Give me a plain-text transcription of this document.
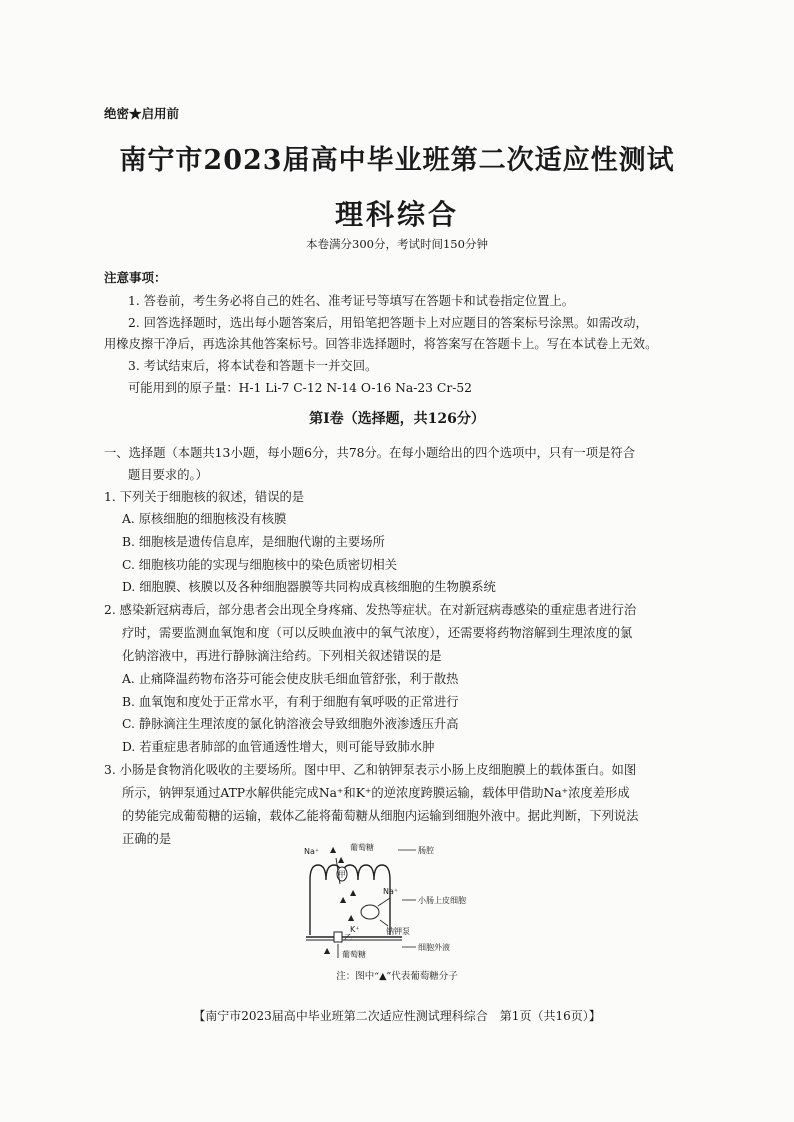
绝密★启用前
南宁市2023届高中毕业班第二次适应性测试
理科综合
本卷满分300分，考试时间150分钟
注意事项：
1. 答卷前，考生务必将自己的姓名、准考证号等填写在答题卡和试卷指定位置上。
2. 回答选择题时，选出每小题答案后，用铅笔把答题卡上对应题目的答案标号涂黑。如需改动，
用橡皮擦干净后，再选涂其他答案标号。回答非选择题时，将答案写在答题卡上。写在本试卷上无效。
3. 考试结束后，将本试卷和答题卡一并交回。
可能用到的原子量：H-1 Li-7 C-12 N-14 O-16 Na-23 Cr-52
第Ⅰ卷（选择题，共126分）
一、选择题（本题共13小题，每小题6分，共78分。在每小题给出的四个选项中，只有一项是符合
题目要求的。）
1. 下列关于细胞核的叙述，错误的是
A. 原核细胞的细胞核没有核膜
B. 细胞核是遗传信息库，是细胞代谢的主要场所
C. 细胞核功能的实现与细胞核中的染色质密切相关
D. 细胞膜、核膜以及各种细胞器膜等共同构成真核细胞的生物膜系统
2. 感染新冠病毒后，部分患者会出现全身疼痛、发热等症状。在对新冠病毒感染的重症患者进行治
疗时，需要监测血氧饱和度（可以反映血液中的氧气浓度），还需要将药物溶解到生理浓度的氯
化钠溶液中，再进行静脉滴注给药。下列相关叙述错误的是
A. 止痛降温药物布洛芬可能会使皮肤毛细血管舒张，利于散热
B. 血氧饱和度处于正常水平，有利于细胞有氧呼吸的正常进行
C. 静脉滴注生理浓度的氯化钠溶液会导致细胞外液渗透压升高
D. 若重症患者肺部的血管通透性增大，则可能导致肺水肿
3. 小肠是食物消化吸收的主要场所。图中甲、乙和钠钾泵表示小肠上皮细胞膜上的载体蛋白。如图
所示，钠钾泵通过ATP水解供能完成Na⁺和K⁺的逆浓度跨膜运输，载体甲借助Na⁺浓度差形成
的势能完成葡萄糖的运输，载体乙能将葡萄糖从细胞内运输到细胞外液中。据此判断，下列说法
正确的是
▲
▲
▲
▲
▲
▲
Na⁺	葡萄糖	肠腔
甲
Na⁺
小肠上皮细胞
K⁺	钠钾泵
乙
细胞外液
葡萄糖
注：图中“▲”代表葡萄糖分子
【南宁市2023届高中毕业班第二次适应性测试理科综合　第1页（共16页）】
